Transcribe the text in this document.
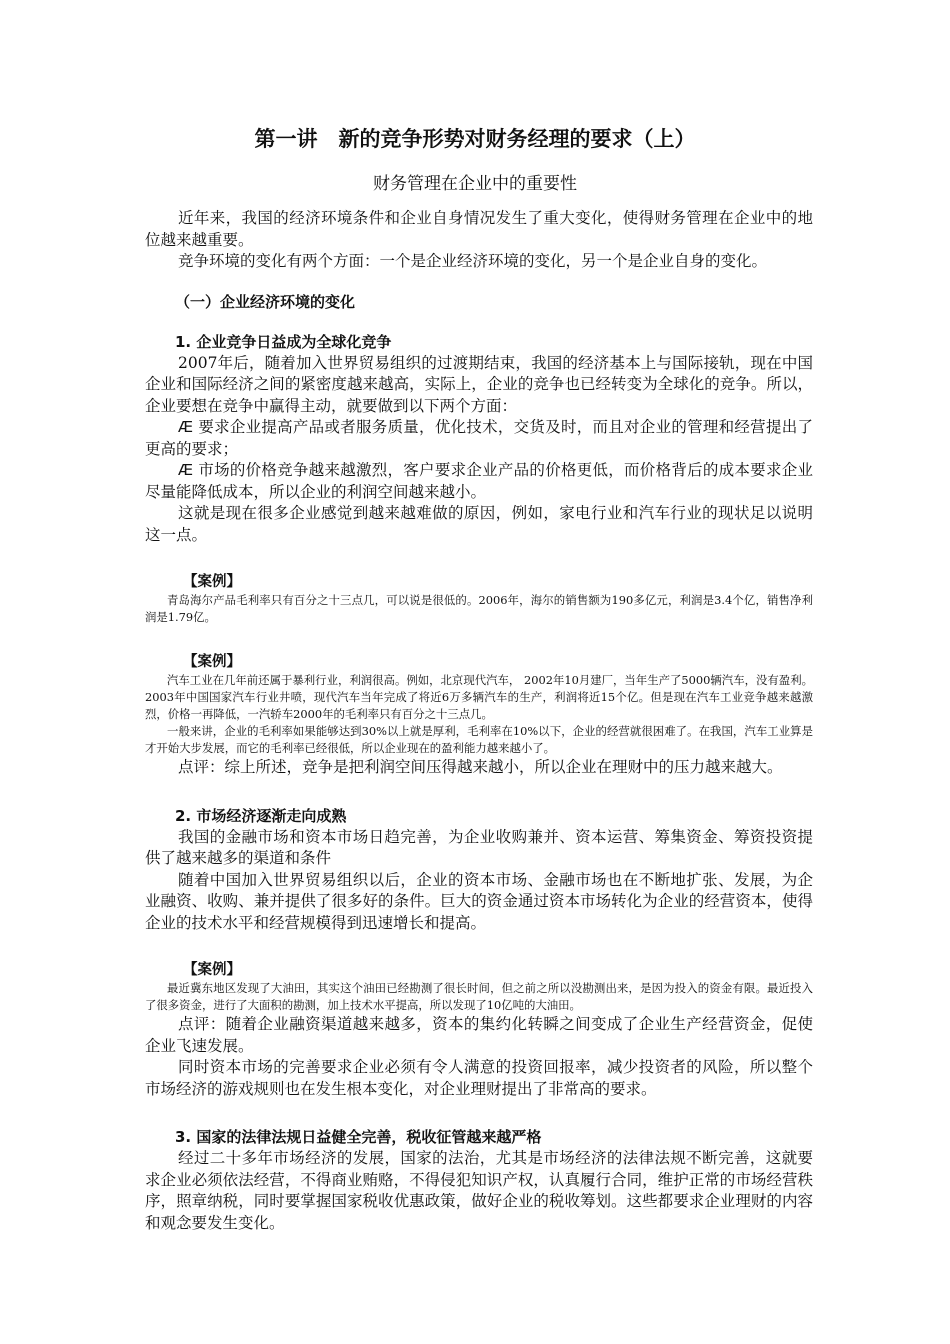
第一讲　新的竞争形势对财务经理的要求（上）
财务管理在企业中的重要性

近年来，我国的经济环境条件和企业自身情况发生了重大变化，使得财务管理在企业中的地位越来越重要。

竞争环境的变化有两个方面：一个是企业经济环境的变化，另一个是企业自身的变化。

（一）企业经济环境的变化

1. 企业竞争日益成为全球化竞争

2007年后，随着加入世界贸易组织的过渡期结束，我国的经济基本上与国际接轨，现在中国企业和国际经济之间的紧密度越来越高，实际上，企业的竞争也已经转变为全球化的竞争。所以，企业要想在竞争中赢得主动，就要做到以下两个方面：

Æ 要求企业提高产品或者服务质量，优化技术，交货及时，而且对企业的管理和经营提出了更高的要求；

Æ 市场的价格竞争越来越激烈，客户要求企业产品的价格更低，而价格背后的成本要求企业尽量能降低成本，所以企业的利润空间越来越小。

这就是现在很多企业感觉到越来越难做的原因，例如，家电行业和汽车行业的现状足以说明这一点。

【案例】

青岛海尔产品毛利率只有百分之十三点几，可以说是很低的。2006年，海尔的销售额为190多亿元，利润是3.4个亿，销售净利润是1.79亿。

【案例】

汽车工业在几年前还属于暴利行业，利润很高。例如，北京现代汽车， 2002年10月建厂，当年生产了5000辆汽车，没有盈利。2003年中国国家汽车行业井喷，现代汽车当年完成了将近6万多辆汽车的生产，利润将近15个亿。但是现在汽车工业竞争越来越激烈，价格一再降低，一汽轿车2000年的毛利率只有百分之十三点几。

一般来讲，企业的毛利率如果能够达到30%以上就是厚利，毛利率在10%以下，企业的经营就很困难了。在我国，汽车工业算是才开始大步发展，而它的毛利率已经很低，所以企业现在的盈利能力越来越小了。

点评：综上所述，竞争是把利润空间压得越来越小，所以企业在理财中的压力越来越大。

2. 市场经济逐渐走向成熟

我国的金融市场和资本市场日趋完善，为企业收购兼并、资本运营、筹集资金、筹资投资提供了越来越多的渠道和条件

随着中国加入世界贸易组织以后，企业的资本市场、金融市场也在不断地扩张、发展，为企业融资、收购、兼并提供了很多好的条件。巨大的资金通过资本市场转化为企业的经营资本，使得企业的技术水平和经营规模得到迅速增长和提高。

【案例】

最近冀东地区发现了大油田，其实这个油田已经勘测了很长时间，但之前之所以没勘测出来，是因为投入的资金有限。最近投入了很多资金，进行了大面积的勘测，加上技术水平提高，所以发现了10亿吨的大油田。

点评：随着企业融资渠道越来越多，资本的集约化转瞬之间变成了企业生产经营资金，促使企业飞速发展。

同时资本市场的完善要求企业必须有令人满意的投资回报率，减少投资者的风险，所以整个市场经济的游戏规则也在发生根本变化，对企业理财提出了非常高的要求。

3. 国家的法律法规日益健全完善，税收征管越来越严格

经过二十多年市场经济的发展，国家的法治，尤其是市场经济的法律法规不断完善，这就要求企业必须依法经营，不得商业贿赂，不得侵犯知识产权，认真履行合同，维护正常的市场经营秩序，照章纳税，同时要掌握国家税收优惠政策，做好企业的税收筹划。这些都要求企业理财的内容和观念要发生变化。
